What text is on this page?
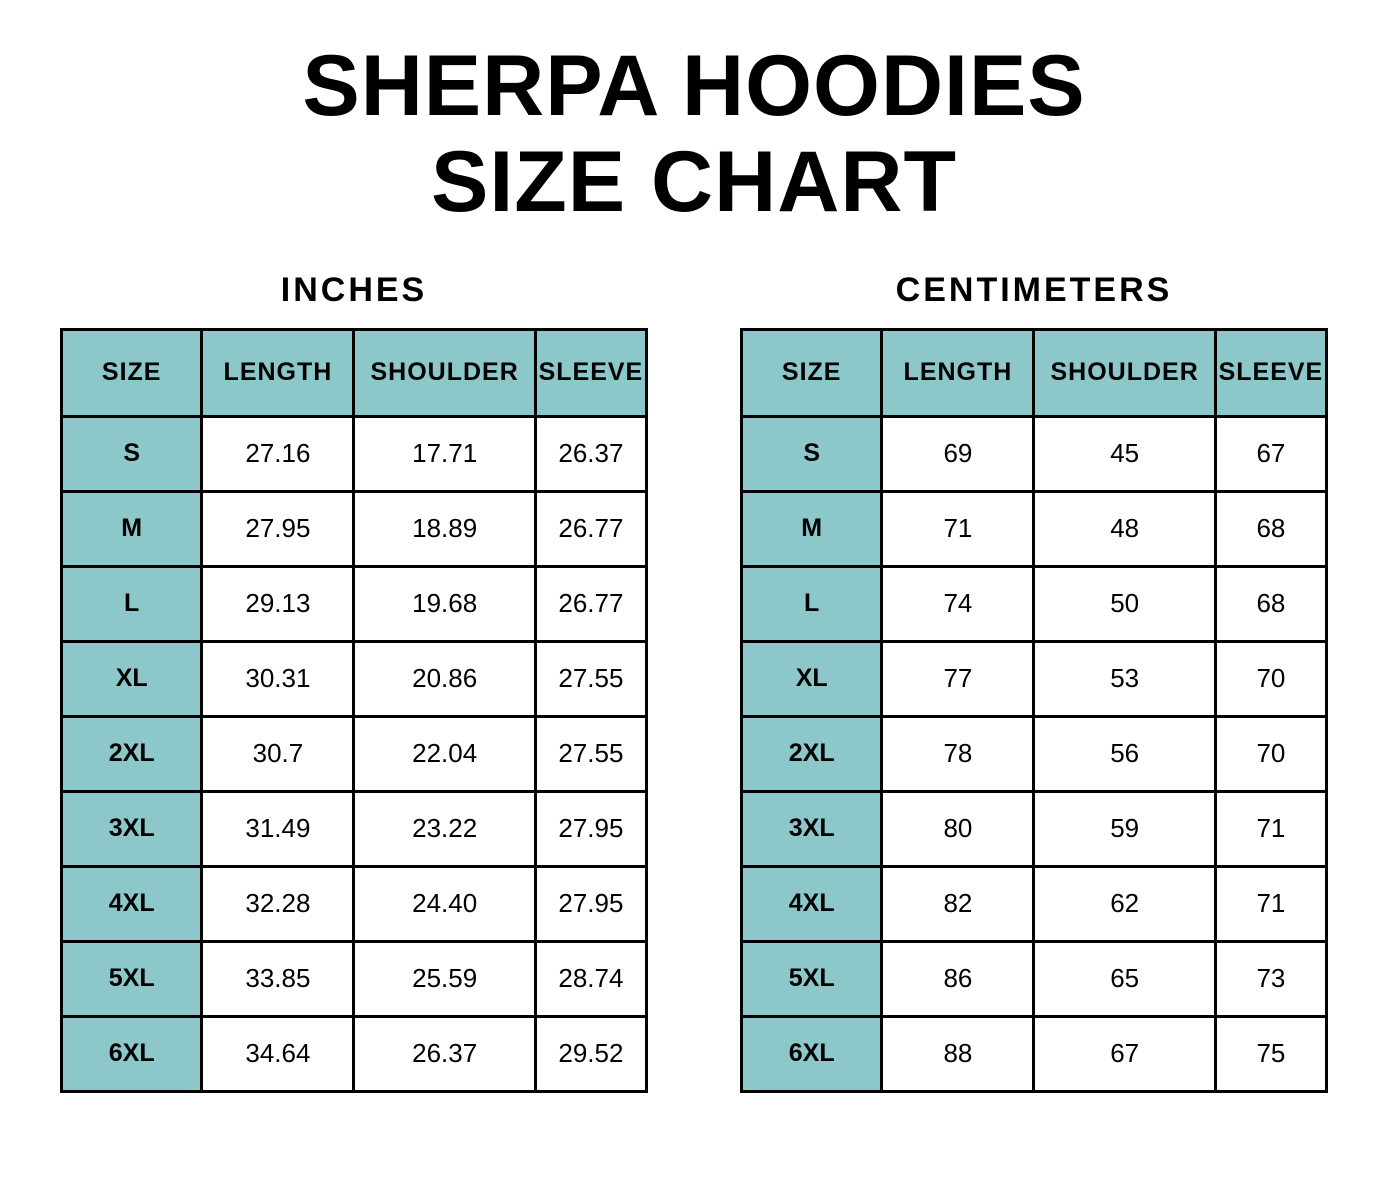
SHERPA HOODIES
SIZE CHART
INCHES
SIZE	LENGTH	SHOULDER	SLEEVE
S	27.16	17.71	26.37
M	27.95	18.89	26.77
L	29.13	19.68	26.77
XL	30.31	20.86	27.55
2XL	30.7	22.04	27.55
3XL	31.49	23.22	27.95
4XL	32.28	24.40	27.95
5XL	33.85	25.59	28.74
6XL	34.64	26.37	29.52
CENTIMETERS
SIZE	LENGTH	SHOULDER	SLEEVE
S	69	45	67
M	71	48	68
L	74	50	68
XL	77	53	70
2XL	78	56	70
3XL	80	59	71
4XL	82	62	71
5XL	86	65	73
6XL	88	67	75
